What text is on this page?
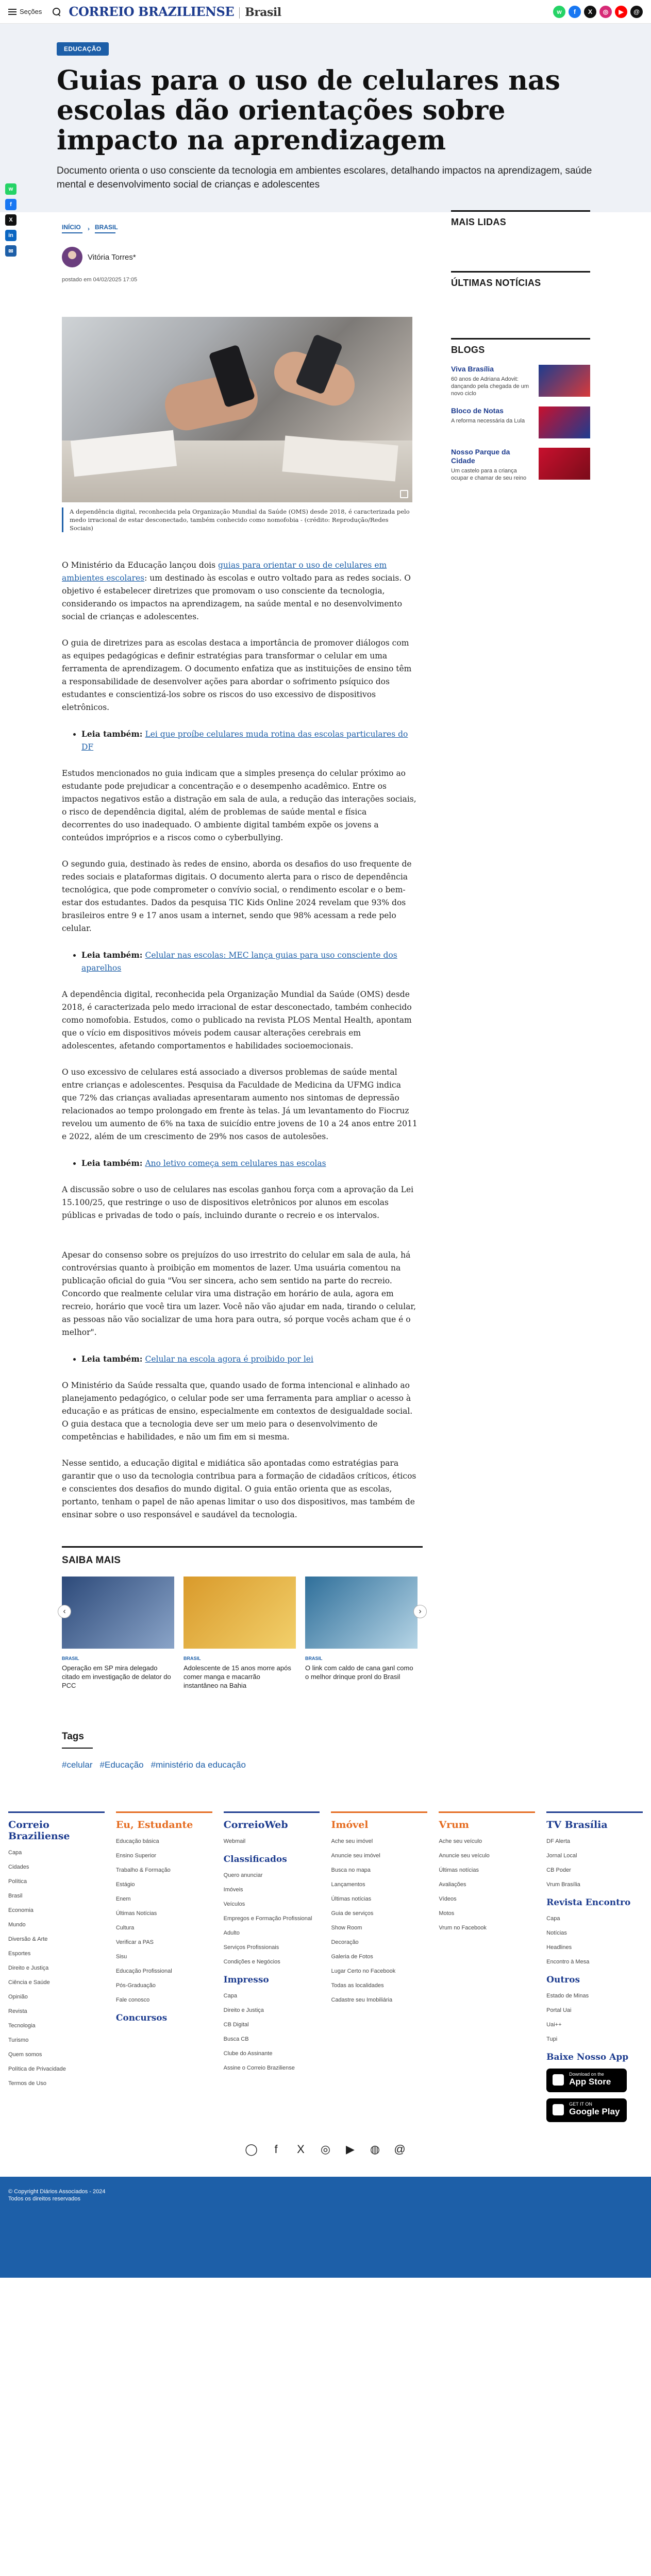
Seções CORREIO BRAZILIENSE Brasil	w	f	X	◎	▶	@
EDUCAÇÃO
Guias para o uso de celulares nas escolas dão orientações sobre impacto na aprendizagem

Documento orienta o uso consciente da tecnologia em ambientes escolares, detalhando impactos na aprendizagem, saúde mental e desenvolvimento social de crianças e adolescentes

w
f
X
in
✉
INÍCIO › BRASIL
Vitória Torres*
postado em 04/02/2025 17:05

A dependência digital, reconhecida pela Organização Mundial da Saúde (OMS) desde 2018, é caracterizada pelo medo irracional de estar desconectado, também conhecido como nomofobia - (crédito: Reprodução/Redes Sociais)

O Ministério da Educação lançou dois guias para orientar o uso de celulares em ambientes escolares: um destinado às escolas e outro voltado para as redes sociais. O objetivo é estabelecer diretrizes que promovam o uso consciente da tecnologia, considerando os impactos na aprendizagem, na saúde mental e no desenvolvimento social de crianças e adolescentes.

O guia de diretrizes para as escolas destaca a importância de promover diálogos com as equipes pedagógicas e definir estratégias para transformar o celular em uma ferramenta de aprendizagem. O documento enfatiza que as instituições de ensino têm a responsabilidade de desenvolver ações para abordar o sofrimento psíquico dos estudantes e conscientizá-los sobre os riscos do uso excessivo de dispositivos eletrônicos.

• Leia também: Lei que proíbe celulares muda rotina das escolas particulares do DF

Estudos mencionados no guia indicam que a simples presença do celular próximo ao estudante pode prejudicar a concentração e o desempenho acadêmico. Entre os impactos negativos estão a distração em sala de aula, a redução das interações sociais, o risco de dependência digital, além de problemas de saúde mental e física decorrentes do uso inadequado. O ambiente digital também expõe os jovens a conteúdos impróprios e a riscos como o cyberbullying.

O segundo guia, destinado às redes de ensino, aborda os desafios do uso frequente de redes sociais e plataformas digitais. O documento alerta para o risco de dependência tecnológica, que pode comprometer o convívio social, o rendimento escolar e o bem-estar dos estudantes. Dados da pesquisa TIC Kids Online 2024 revelam que 93% dos brasileiros entre 9 e 17 anos usam a internet, sendo que 98% acessam a rede pelo celular.

• Leia também: Celular nas escolas: MEC lança guias para uso consciente dos aparelhos

A dependência digital, reconhecida pela Organização Mundial da Saúde (OMS) desde 2018, é caracterizada pelo medo irracional de estar desconectado, também conhecido como nomofobia. Estudos, como o publicado na revista PLOS Mental Health, apontam que o vício em dispositivos móveis podem causar alterações cerebrais em adolescentes, afetando comportamentos e habilidades socioemocionais.

O uso excessivo de celulares está associado a diversos problemas de saúde mental entre crianças e adolescentes. Pesquisa da Faculdade de Medicina da UFMG indica que 72% das crianças avaliadas apresentaram aumento nos sintomas de depressão relacionados ao tempo prolongado em frente às telas. Já um levantamento do Fiocruz revelou um aumento de 6% na taxa de suicídio entre jovens de 10 a 24 anos entre 2011 e 2022, além de um crescimento de 29% nos casos de autolesões.

• Leia também: Ano letivo começa sem celulares nas escolas

A discussão sobre o uso de celulares nas escolas ganhou força com a aprovação da Lei 15.100/25, que restringe o uso de dispositivos eletrônicos por alunos em escolas públicas e privadas de todo o país, incluindo durante o recreio e os intervalos.

Apesar do consenso sobre os prejuízos do uso irrestrito do celular em sala de aula, há controvérsias quanto à proibição em momentos de lazer. Uma usuária comentou na publicação oficial do guia "Vou ser sincera, acho sem sentido na parte do recreio. Concordo que realmente celular vira uma distração em horário de aula, agora em recreio, horário que você tira um lazer. Você não vão ajudar em nada, tirando o celular, as pessoas não vão socializar de uma hora para outra, só porque vocês acham que é o melhor".

• Leia também: Celular na escola agora é proibido por lei

O Ministério da Saúde ressalta que, quando usado de forma intencional e alinhado ao planejamento pedagógico, o celular pode ser uma ferramenta para ampliar o acesso à educação e as práticas de ensino, especialmente em contextos de desigualdade social. O guia destaca que a tecnologia deve ser um meio para o desenvolvimento de competências e habilidades, e não um fim em si mesma.

Nesse sentido, a educação digital e midiática são apontadas como estratégias para garantir que o uso da tecnologia contribua para a formação de cidadãos críticos, éticos e conscientes dos desafios do mundo digital. O guia então orienta que as escolas, portanto, tenham o papel de não apenas limitar o uso dos dispositivos, mas também de ensinar sobre o uso responsável e saudável da tecnologia.

SAIBA MAIS
BRASIL
Operação em SP mira delegado citado em investigação de delator do PCC
BRASIL
Adolescente de 15 anos morre após comer manga e macarrão instantâneo na Bahia
BRASIL
O link com caldo de cana ganl como o melhor drinque pronl do Brasil
‹	›
Tags
#celular #Educação #ministério da educação
MAIS LIDAS
ÚLTIMAS NOTÍCIAS
BLOGS
Viva Brasília
60 anos de Adriana Adovit: dançando pela chegada de um novo ciclo
Bloco de Notas
A reforma necessária da Lula
Nosso Parque da Cidade
Um castelo para a criança ocupar e chamar de seu reino
Correio Braziliense
Capa
Cidades
Política
Brasil
Economia
Mundo
Diversão & Arte
Esportes
Direito e Justiça
Ciência e Saúde
Opinião
Revista
Tecnologia
Turismo
Quem somos
Política de Privacidade
Termos de Uso
Eu, Estudante
Educação básica
Ensino Superior
Trabalho & Formação
Estágio
Enem
Últimas Notícias
Cultura
Verificar a PAS
Sisu
Educação Profissional
Pós-Graduação
Fale conosco
Concursos
CorreioWeb
Webmail
Classificados
Quero anunciar
Imóveis
Veículos
Empregos e Formação Profissional
Adulto
Serviços Profissionais
Condições e Negócios
Impresso
Capa
Direito e Justiça
CB Digital
Busca CB
Clube do Assinante
Assine o Correio Braziliense
Imóvel
Ache seu imóvel
Anuncie seu imóvel
Busca no mapa
Lançamentos
Últimas notícias
Guia de serviços
Show Room
Decoração
Galeria de Fotos
Lugar Certo no Facebook
Todas as localidades
Cadastre seu Imobiliária
Vrum
Ache seu veículo
Anuncie seu veículo
Últimas notícias
Avaliações
Vídeos
Motos
Vrum no Facebook
TV Brasília
DF Alerta
Jornal Local
CB Poder
Vrum Brasília
Revista Encontro
Capa
Notícias
Headlines
Encontro à Mesa
Outros
Estado de Minas
Portal Uai
Uai++
Tupi
Baixe Nosso App
Download on the
App Store
GET IT ON
Google Play
◯	f	X ◎ ▶ ◍ @
© Copyright Diários Associados - 2024
Todos os direitos reservados
